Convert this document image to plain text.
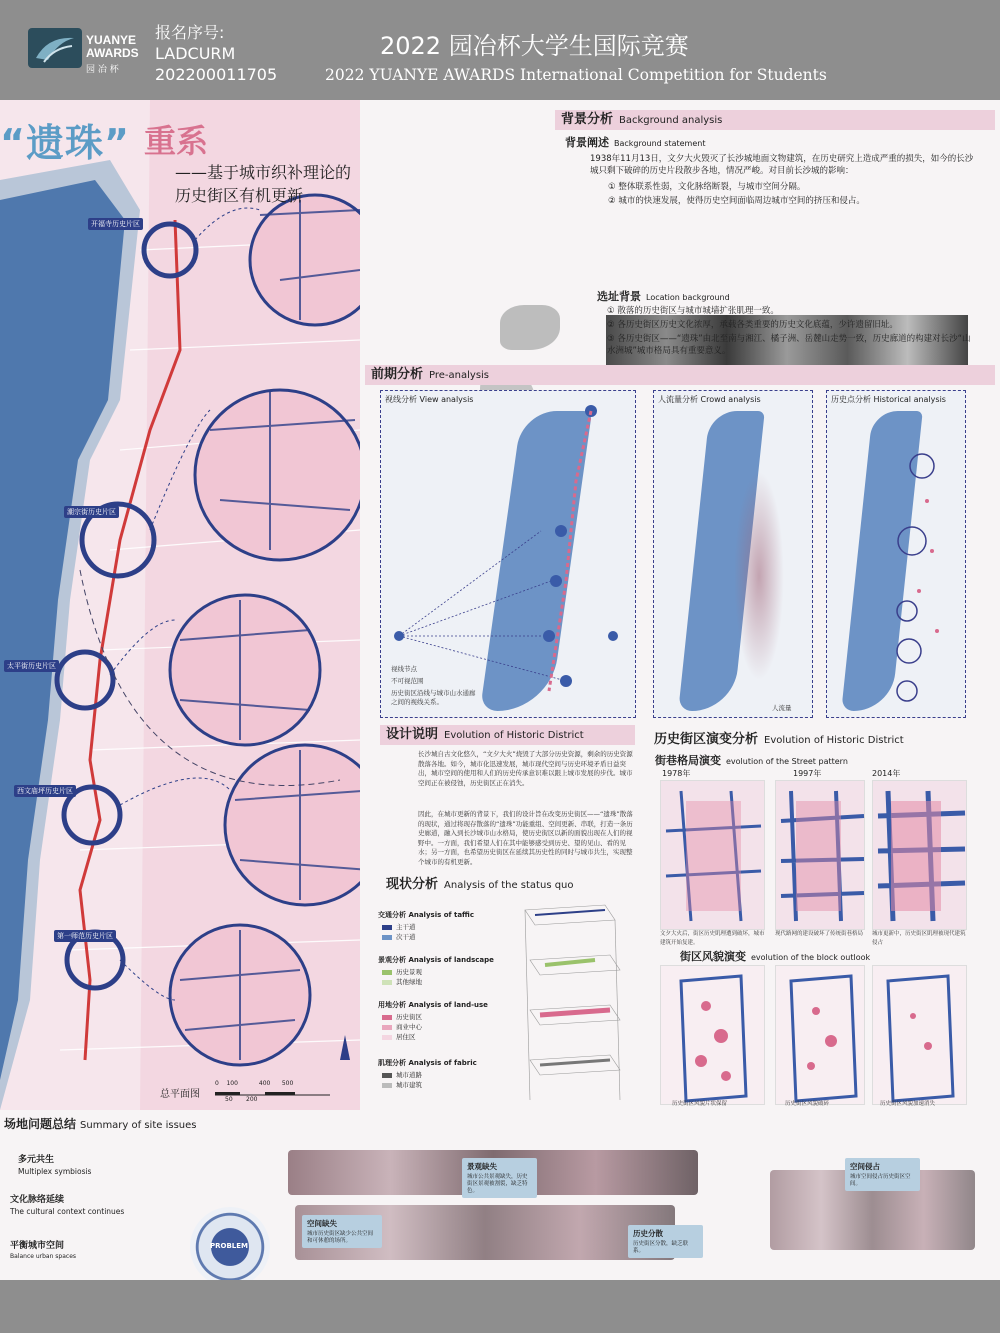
YUANYE
AWARDS
园 冶 杯
报名序号:
LADCURM
202200011705
2022 园冶杯大学生国际竞赛
2022 YUANYE AWARDS International Competition for Students
“遗珠” 重系
——基于城市织补理论的历史街区有机更新
开福寺历史片区
潮宗街历史片区
太平街历史片区
西文庙坪历史片区
第一师范历史片区
总平面图
0 100	400 500
50 200
背景分析 Background analysis
背景阐述 Background statement
1938年11月13日，文夕大火毁灭了长沙城地面文物建筑，在历史研究上造成严重的损失，如今的长沙城只剩下破碎的历史片段散步各地，情况严峻。对目前长沙城的影响：
① 整体联系性弱，文化脉络断裂，与城市空间分隔。
② 城市的快速发展，使得历史空间面临周边城市空间的挤压和侵占。
选址背景 Location background
① 散落的历史街区与城市城墙扩张肌理一致。
② 各历史街区历史文化浓厚，承载各类重要的历史文化底蕴，少许遗留旧址。
③ 各历史街区——“遗珠”由北至南与湘江、橘子洲、岳麓山走势一致，历史廊道的构建对长沙“山水洲城”城市格局具有重要意义。
前期分析 Pre-analysis
视线分析 View analysis
视线节点
不可视范围
历史街区沿线与城市山水通廊之间的视线关系。
人流量分析 Crowd analysis
人流量
历史点分析 Historical analysis
设计说明 Evolution of Historic District
长沙城自古文化悠久，“文夕大火”烧毁了大部分历史资源，剩余的历史资源散落各地。如今，城市化迅速发展，城市现代空间与历史环境矛盾日益突出，城市空间的使用和人们的历史传承意识难以跟上城市发展的步伐。城市空间正在被侵蚀，历史街区正在消失。
因此，在城市更新的背景下，我们的设计旨在改变历史街区——“遗珠”散落的现状，通过将现存散落的“遗珠”功能重组、空间更新、串联，打造一条历史廊道，融入到长沙城市山水格局，使历史街区以新的面貌出现在人们的视野中。一方面，我们希望人们在其中能够感受到历史、望的见山、看的见水；另一方面，也希望历史街区在延续其历史性的同时与城市共生，实现整个城市的有机更新。
现状分析 Analysis of the status quo
交通分析 Analysis of taffic
主干道
次干道
景观分析 Analysis of landscape
历史景观
其他绿地
用地分析 Analysis of land-use
历史街区
商业中心
居住区
肌理分析 Analysis of fabric
城市道路
城市建筑
历史街区演变分析 Evolution of Historic District
街巷格局演变 evolution of the Street pattern
1978年	1997年	2014年
文夕大火后，街区历史肌理遭到破坏，城市建筑开始复建。
现代路网的建设破坏了传统街巷格局	城市更新中，历史街区肌理被现代建筑侵占
街区风貌演变 evolution of the block outlook
历史街区风貌片状保留	历史街区风貌破碎	历史街区风貌加速消失
场地问题总结 Summary of site issues
多元共生
Multiplex symbiosis
文化脉络延续
The cultural context continues
平衡城市空间
Balance urban spaces
景观缺失
城市公共景观缺失，历史街区景观被割裂，缺乏特色。
空间侵占
城市空间侵占历史街区空间。
空间缺失
城市历史街区缺少公共空间和可休憩的场所。
历史分散
历史街区分散，缺乏联系。
PROBLEM
